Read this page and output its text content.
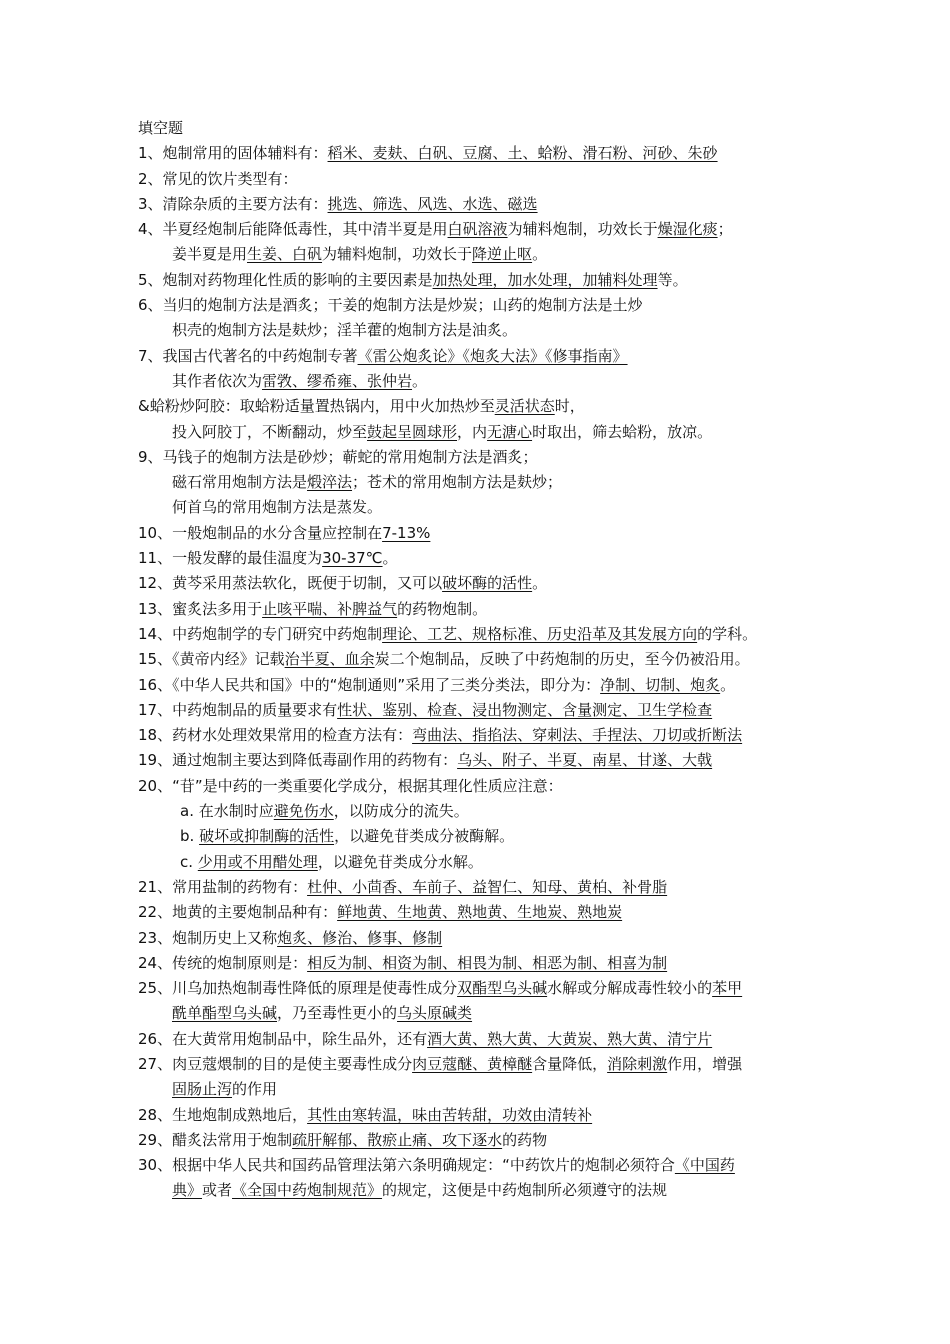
填空题
1、炮制常用的固体辅料有：稻米、麦麸、白矾、豆腐、土、蛤粉、滑石粉、河砂、朱砂
2、常见的饮片类型有：
3、清除杂质的主要方法有：挑选、筛选、风选、水选、磁选
4、半夏经炮制后能降低毒性，其中清半夏是用白矾溶液为辅料炮制，功效长于燥湿化痰；
姜半夏是用生姜、白矾为辅料炮制，功效长于降逆止呕。
5、炮制对药物理化性质的影响的主要因素是加热处理，加水处理，加辅料处理等。
6、当归的炮制方法是酒炙；干姜的炮制方法是炒炭；山药的炮制方法是土炒
枳壳的炮制方法是麸炒；淫羊藿的炮制方法是油炙。
7、我国古代著名的中药炮制专著《雷公炮炙论》《炮炙大法》《修事指南》
其作者依次为雷敩、缪希雍、张仲岩。
&蛤粉炒阿胶：取蛤粉适量置热锅内，用中火加热炒至灵活状态时，
投入阿胶丁，不断翻动，炒至鼓起呈圆球形，内无溏心时取出，筛去蛤粉，放凉。
9、马钱子的炮制方法是砂炒；蕲蛇的常用炮制方法是酒炙；
磁石常用炮制方法是煅淬法；苍术的常用炮制方法是麸炒；
何首乌的常用炮制方法是蒸发。
10、一般炮制品的水分含量应控制在7-13%
11、一般发酵的最佳温度为30-37℃。
12、黄芩采用蒸法软化，既便于切制，又可以破坏酶的活性。
13、蜜炙法多用于止咳平喘、补脾益气的药物炮制。
14、中药炮制学的专门研究中药炮制理论、工艺、规格标准、历史沿革及其发展方向的学科。
15、《黄帝内经》记载治半夏、血余炭二个炮制品，反映了中药炮制的历史，至今仍被沿用。
16、《中华人民共和国》中的“炮制通则”采用了三类分类法，即分为：净制、切制、炮炙。
17、中药炮制品的质量要求有性状、鉴别、检查、浸出物测定、含量测定、卫生学检查
18、药材水处理效果常用的检查方法有：弯曲法、指掐法、穿刺法、手捏法、刀切或折断法
19、通过炮制主要达到降低毒副作用的药物有：乌头、附子、半夏、南星、甘遂、大戟
20、“苷”是中药的一类重要化学成分，根据其理化性质应注意：
a. 在水制时应避免伤水，以防成分的流失。
b. 破坏或抑制酶的活性，以避免苷类成分被酶解。
c. 少用或不用醋处理，以避免苷类成分水解。
21、常用盐制的药物有：杜仲、小茴香、车前子、益智仁、知母、黄柏、补骨脂
22、地黄的主要炮制品种有：鲜地黄、生地黄、熟地黄、生地炭、熟地炭
23、炮制历史上又称炮炙、修治、修事、修制
24、传统的炮制原则是：相反为制、相资为制、相畏为制、相恶为制、相喜为制
25、川乌加热炮制毒性降低的原理是使毒性成分双酯型乌头碱水解或分解成毒性较小的苯甲
酰单酯型乌头碱，乃至毒性更小的乌头原碱类
26、在大黄常用炮制品中，除生品外，还有酒大黄、熟大黄、大黄炭、熟大黄、清宁片
27、肉豆蔻煨制的目的是使主要毒性成分肉豆蔻醚、黄樟醚含量降低，消除刺激作用，增强
固肠止泻的作用
28、生地炮制成熟地后，其性由寒转温，味由苦转甜，功效由清转补
29、醋炙法常用于炮制疏肝解郁、散瘀止痛、攻下逐水的药物
30、根据中华人民共和国药品管理法第六条明确规定：“中药饮片的炮制必须符合《中国药
典》或者《全国中药炮制规范》的规定，这便是中药炮制所必须遵守的法规
